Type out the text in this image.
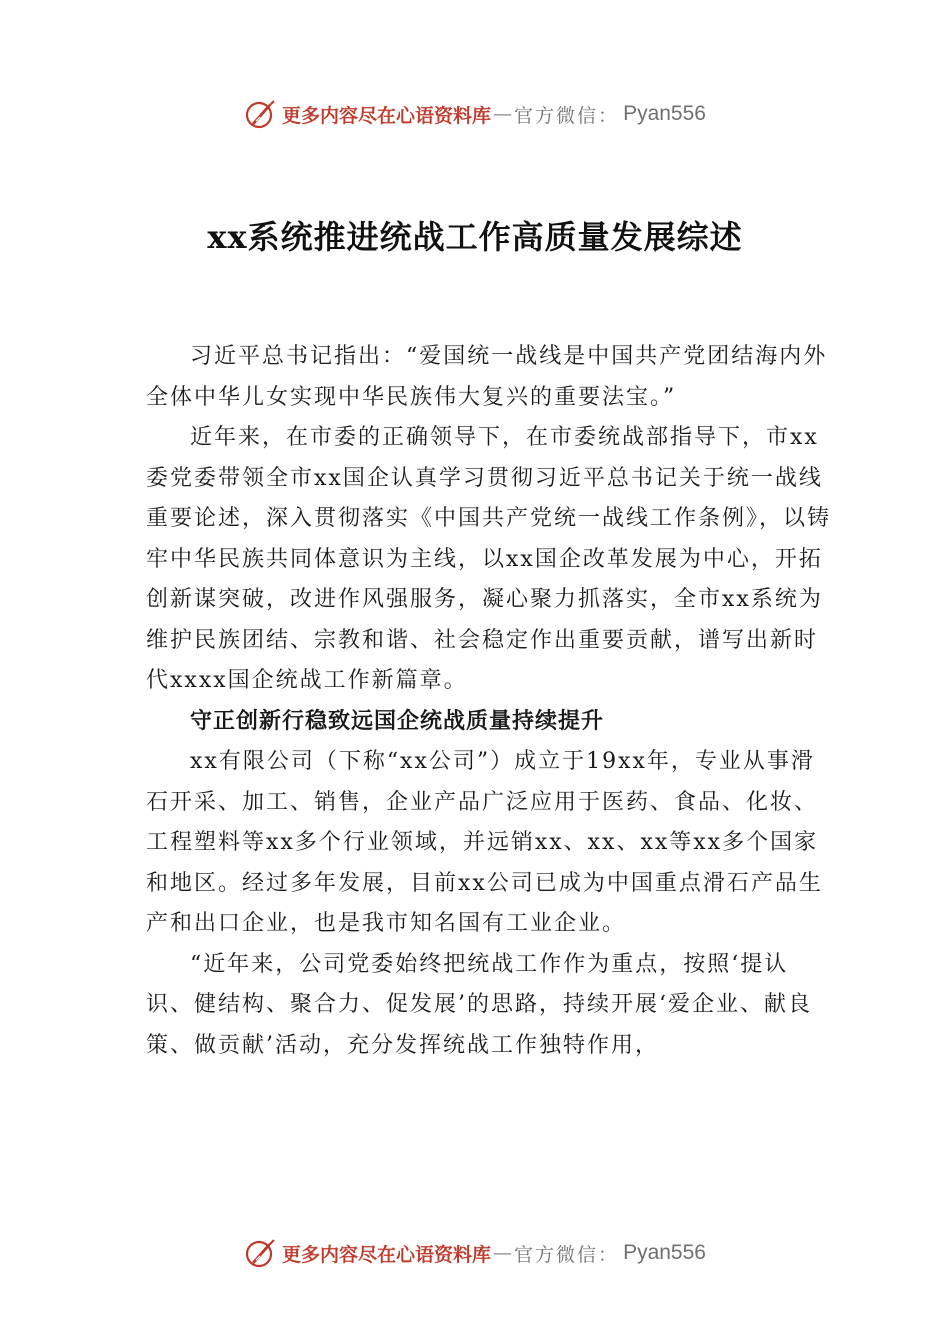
更多内容尽在心语资料库 — 官方微信： Pyan556
xx系统推进统战工作高质量发展综述

习近平总书记指出：“爱国统一战线是中国共产党团结海内外全体中华儿女实现中华民族伟大复兴的重要法宝。”

近年来，在市委的正确领导下，在市委统战部指导下，市xx委党委带领全市xx国企认真学习贯彻习近平总书记关于统一战线重要论述，深入贯彻落实《中国共产党统一战线工作条例》，以铸牢中华民族共同体意识为主线，以xx国企改革发展为中心，开拓创新谋突破，改进作风强服务，凝心聚力抓落实，全市xx系统为维护民族团结、宗教和谐、社会稳定作出重要贡献，谱写出新时代xxxx国企统战工作新篇章。

守正创新行稳致远国企统战质量持续提升

xx有限公司（下称“xx公司”）成立于19xx年，专业从事滑石开采、加工、销售，企业产品广泛应用于医药、食品、化妆、工程塑料等xx多个行业领域，并远销xx、xx、xx等xx多个国家和地区。经过多年发展，目前xx公司已成为中国重点滑石产品生产和出口企业，也是我市知名国有工业企业。

“近年来，公司党委始终把统战工作作为重点，按照‘提认识、健结构、聚合力、促发展’的思路，持续开展‘爱企业、献良策、做贡献’活动，充分发挥统战工作独特作用，

更多内容尽在心语资料库 — 官方微信： Pyan556
